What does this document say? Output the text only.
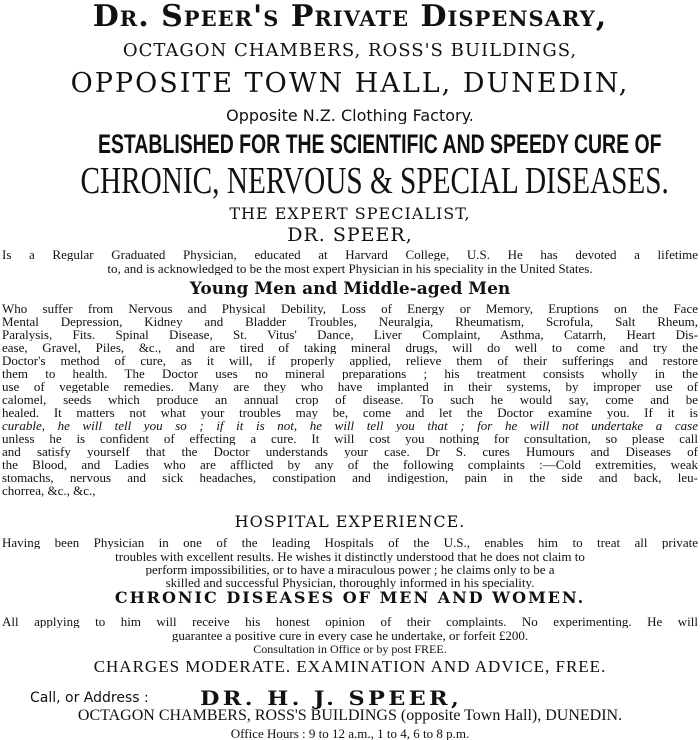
Dr. Speer's Private Dispensary,
OCTAGON CHAMBERS, ROSS'S BUILDINGS,
OPPOSITE TOWN HALL, DUNEDIN,
Opposite N.Z. Clothing Factory.
ESTABLISHED FOR THE SCIENTIFIC AND SPEEDY CURE OF
CHRONIC, NERVOUS & SPECIAL DISEASES.
THE EXPERT SPECIALIST,
DR. SPEER,
Is a Regular Graduated Physician, educated at Harvard College, U.S. He has devoted a lifetime
to, and is acknowledged to be the most expert Physician in his speciality in the United States.
Young Men and Middle-aged Men
Who suffer from Nervous and Physical Debility, Loss of Energy or Memory, Eruptions on the Face
Mental Depression, Kidney and Bladder Troubles, Neuralgia, Rheumatism, Scrofula, Salt Rheum,
Paralysis, Fits. Spinal Disease, St. Vitus' Dance, Liver Complaint, Asthma, Catarrh, Heart Dis-
ease, Gravel, Piles, &c., and are tired of taking mineral drugs, will do well to come and try the
Doctor's method of cure, as it will, if properly applied, relieve them of their sufferings and restore
them to health. The Doctor uses no mineral preparations ; his treatment consists wholly in the
use of vegetable remedies. Many are they who have implanted in their systems, by improper use of
calomel, seeds which produce an annual crop of disease. To such he would say, come and be
healed. It matters not what your troubles may be, come and let the Doctor examine you. If it is
curable, he will tell you so ; if it is not, he will tell you that ; for he will not undertake a case
unless he is confident of effecting a cure. It will cost you nothing for consultation, so please call
and satisfy yourself that the Doctor understands your case. Dr S. cures Humours and Diseases of
the Blood, and Ladies who are afflicted by any of the following complaints :—Cold extremities, weak
stomachs, nervous and sick headaches, constipation and indigestion, pain in the side and back, leu-
chorrea, &c., &c.,
HOSPITAL EXPERIENCE.
Having been Physician in one of the leading Hospitals of the U.S., enables him to treat all private
troubles with excellent results. He wishes it distinctly understood that he does not claim to
perform impossibilities, or to have a miraculous power ; he claims only to be a
skilled and successful Physician, thoroughly informed in his speciality.
CHRONIC DISEASES OF MEN AND WOMEN.
All applying to him will receive his honest opinion of their complaints. No experimenting. He will
guarantee a positive cure in every case he undertake, or forfeit £200.
Consultation in Office or by post FREE.
CHARGES MODERATE. EXAMINATION AND ADVICE, FREE.
Call, or Address :	DR. H. J. SPEER,
OCTAGON CHAMBERS, ROSS'S BUILDINGS (opposite Town Hall), DUNEDIN.
Office Hours : 9 to 12 a.m., 1 to 4, 6 to 8 p.m.
